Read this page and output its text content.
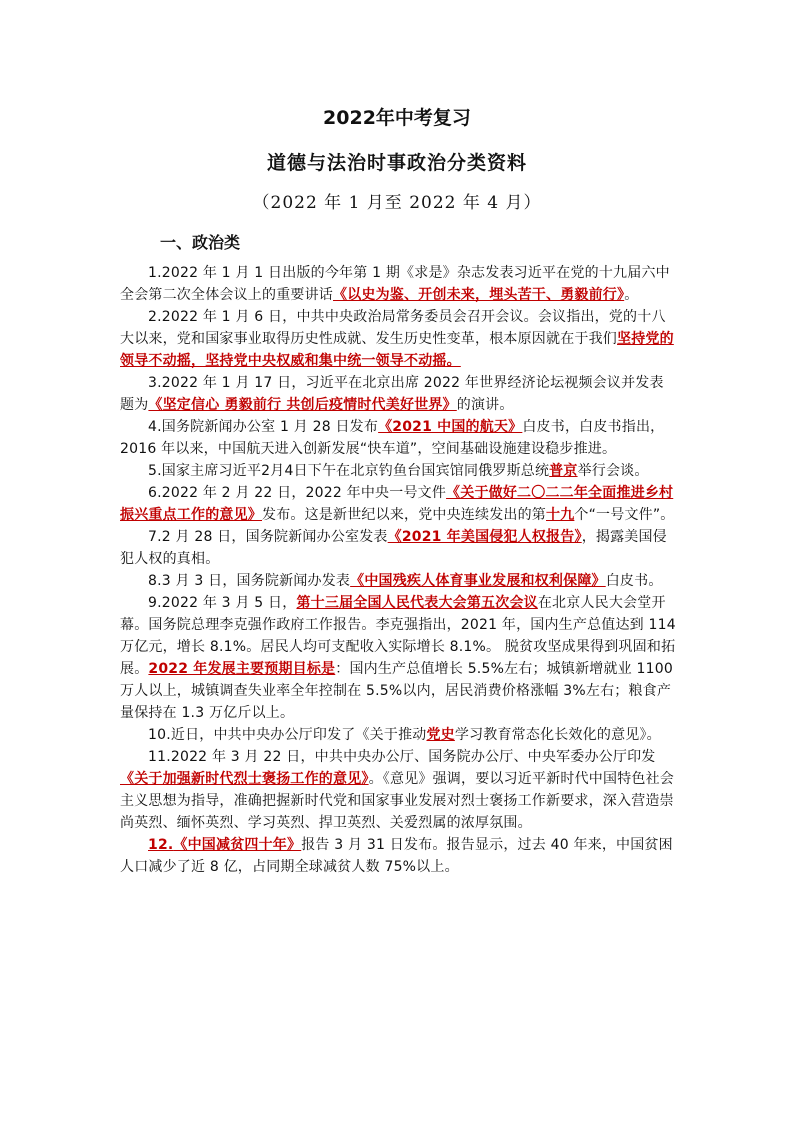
2022年中考复习
道德与法治时事政治分类资料
（2022 年 1 月至 2022 年 4 月）
一、政治类

1.2022 年 1 月 1 日出版的今年第 1 期《求是》杂志发表习近平在党的十九届六中全会第二次全体会议上的重要讲话《以史为鉴、开创未来，埋头苦干、勇毅前行》。

2.2022 年 1 月 6 日，中共中央政治局常务委员会召开会议。会议指出，党的十八大以来，党和国家事业取得历史性成就、发生历史性变革，根本原因就在于我们坚持党的领导不动摇，坚持党中央权威和集中统一领导不动摇。

3.2022 年 1 月 17 日，习近平在北京出席 2022 年世界经济论坛视频会议并发表题为《坚定信心 勇毅前行 共创后疫情时代美好世界》的演讲。

4.国务院新闻办公室 1 月 28 日发布《2021 中国的航天》白皮书，白皮书指出，2016 年以来，中国航天进入创新发展“快车道”，空间基础设施建设稳步推进。

5.国家主席习近平2月4日下午在北京钓鱼台国宾馆同俄罗斯总统普京举行会谈。

6.2022 年 2 月 22 日，2022 年中央一号文件《关于做好二〇二二年全面推进乡村振兴重点工作的意见》发布。这是新世纪以来，党中央连续发出的第十九个“一号文件”。

7.2 月 28 日，国务院新闻办公室发表《2021 年美国侵犯人权报告》，揭露美国侵犯人权的真相。

8.3 月 3 日，国务院新闻办发表《中国残疾人体育事业发展和权利保障》白皮书。

9.2022 年 3 月 5 日，第十三届全国人民代表大会第五次会议在北京人民大会堂开幕。国务院总理李克强作政府工作报告。李克强指出，2021 年，国内生产总值达到 114 万亿元，增长 8.1%。居民人均可支配收入实际增长 8.1%。 脱贫攻坚成果得到巩固和拓展。2022 年发展主要预期目标是：国内生产总值增长 5.5%左右；城镇新增就业 1100 万人以上，城镇调查失业率全年控制在 5.5%以内，居民消费价格涨幅 3%左右；粮食产量保持在 1.3 万亿斤以上。

10.近日，中共中央办公厅印发了《关于推动党史学习教育常态化长效化的意见》。

11.2022 年 3 月 22 日，中共中央办公厅、国务院办公厅、中央军委办公厅印发《关于加强新时代烈士褒扬工作的意见》。《意见》强调，要以习近平新时代中国特色社会主义思想为指导，准确把握新时代党和国家事业发展对烈士褒扬工作新要求，深入营造崇尚英烈、缅怀英烈、学习英烈、捍卫英烈、关爱烈属的浓厚氛围。

12.《中国减贫四十年》报告 3 月 31 日发布。报告显示，过去 40 年来，中国贫困人口减少了近 8 亿，占同期全球减贫人数 75%以上。
